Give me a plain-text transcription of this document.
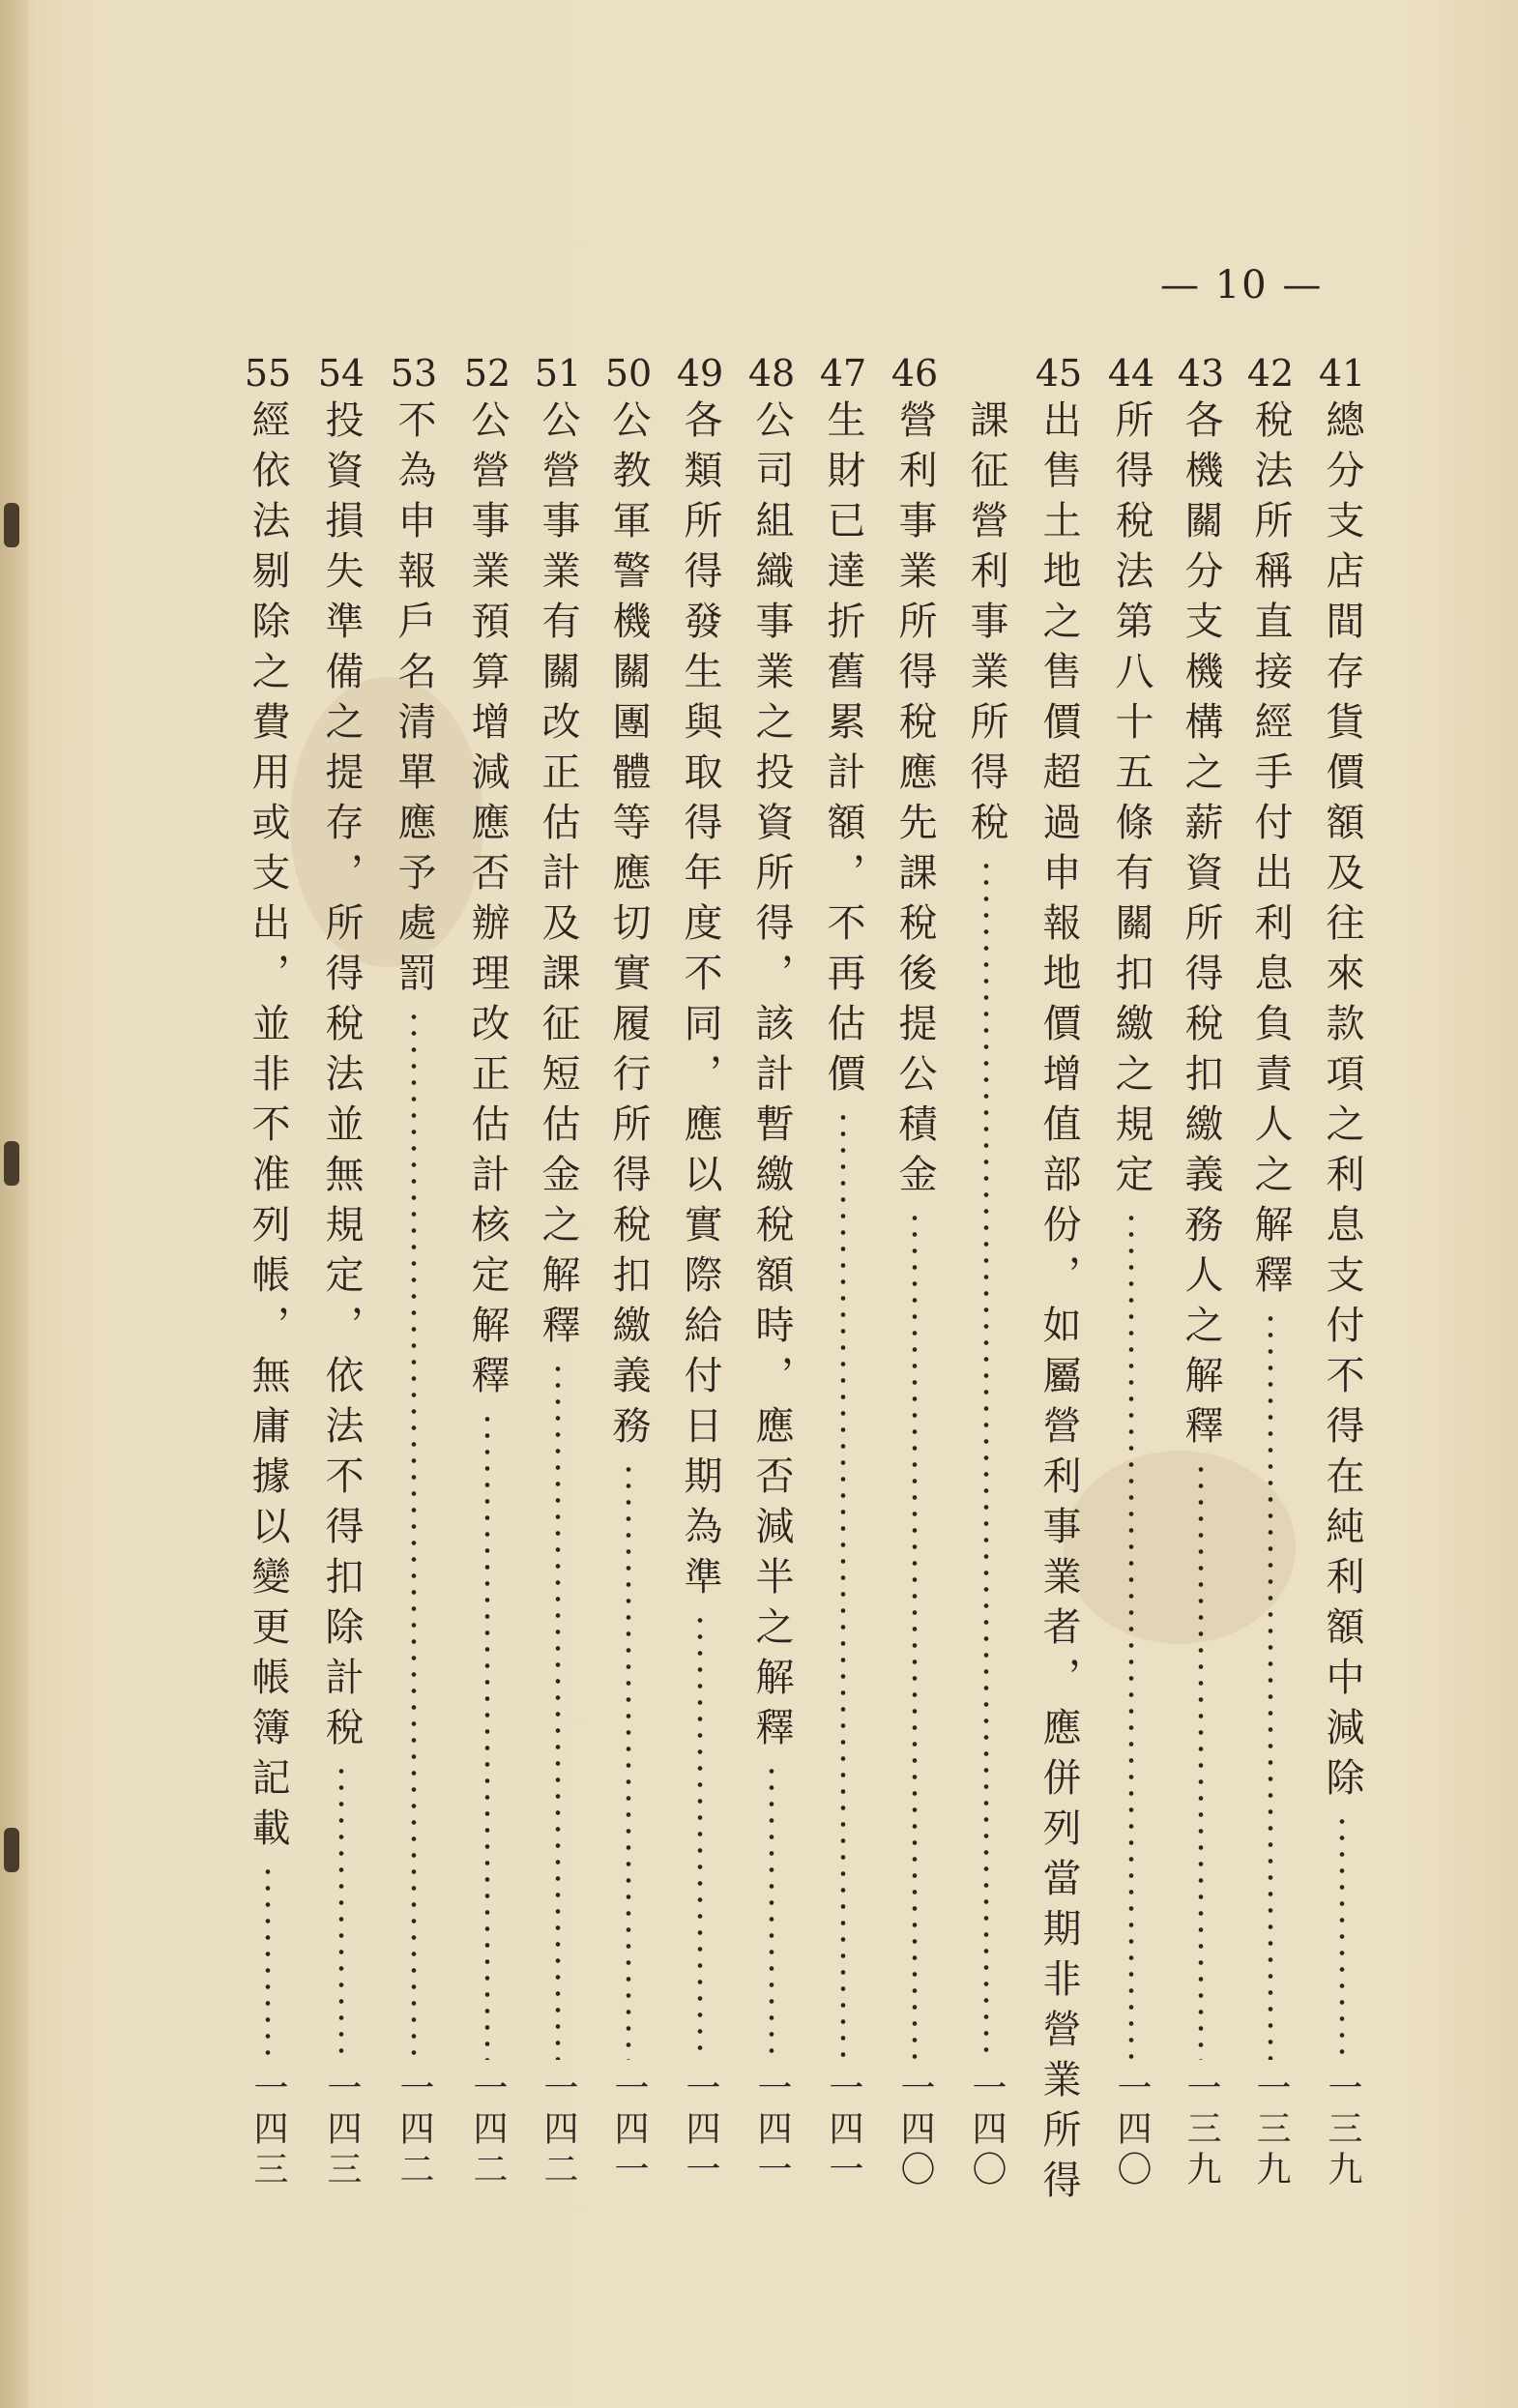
— 10 —
41
總分支店間存貨價額及往來款項之利息支付不得在純利額中減除
一三九
42
稅法所稱直接經手付出利息負責人之解釋
一三九
43
各機關分支機構之薪資所得稅扣繳義務人之解釋
一三九
44
所得稅法第八十五條有關扣繳之規定
一四〇
45
出售土地之售價超過申報地價增值部份，如屬營利事業者，應併列當期非營業所得
課征營利事業所得稅
一四〇
46
營利事業所得稅應先課稅後提公積金
一四〇
47
生財已達折舊累計額，不再估價
一四一
48
公司組織事業之投資所得，該計暫繳稅額時，應否減半之解釋
一四一
49
各類所得發生與取得年度不同，應以實際給付日期為準
一四一
50
公教軍警機關團體等應切實履行所得稅扣繳義務
一四一
51
公營事業有關改正估計及課征短估金之解釋
一四二
52
公營事業預算增減應否辦理改正估計核定解釋
一四二
53
不為申報戶名清單應予處罰
一四二
54
投資損失準備之提存，所得稅法並無規定，依法不得扣除計稅
一四三
55
經依法剔除之費用或支出，並非不准列帳，無庸據以變更帳簿記載
一四三
